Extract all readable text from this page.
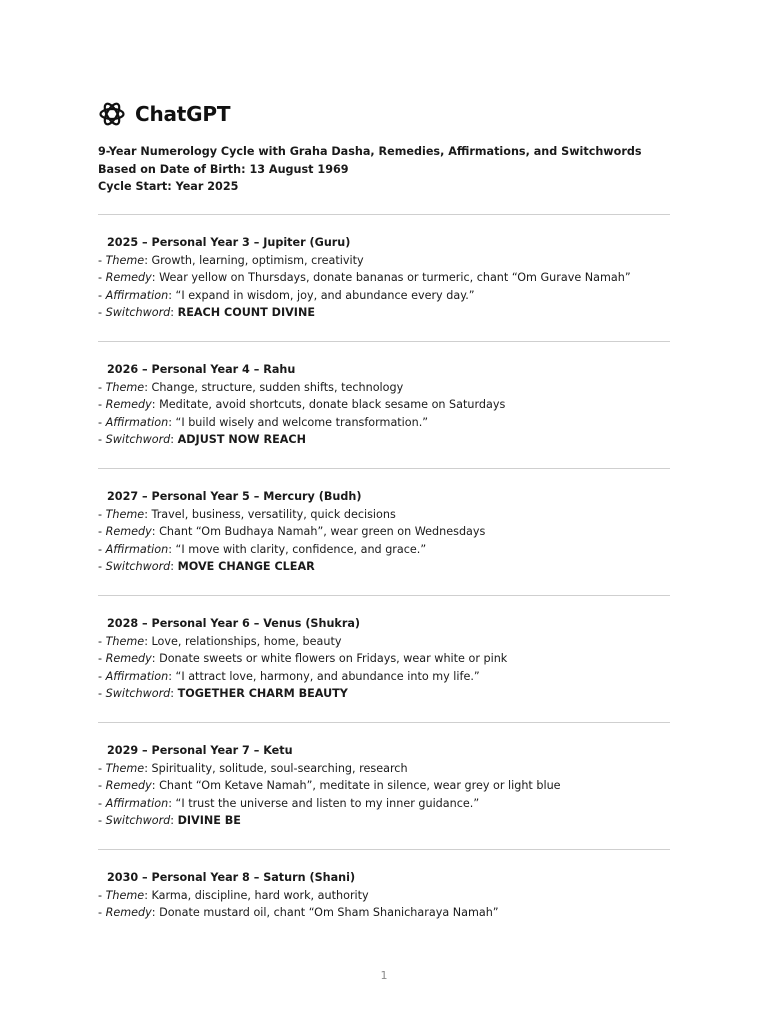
ChatGPT
9-Year Numerology Cycle with Graha Dasha, Remedies, Affirmations, and Switchwords
Based on Date of Birth: 13 August 1969
Cycle Start: Year 2025
2025 – Personal Year 3 – Jupiter (Guru)
- Theme: Growth, learning, optimism, creativity
- Remedy: Wear yellow on Thursdays, donate bananas or turmeric, chant “Om Gurave Namah”
- Affirmation: “I expand in wisdom, joy, and abundance every day.”
- Switchword: REACH COUNT DIVINE
2026 – Personal Year 4 – Rahu
- Theme: Change, structure, sudden shifts, technology
- Remedy: Meditate, avoid shortcuts, donate black sesame on Saturdays
- Affirmation: “I build wisely and welcome transformation.”
- Switchword: ADJUST NOW REACH
2027 – Personal Year 5 – Mercury (Budh)
- Theme: Travel, business, versatility, quick decisions
- Remedy: Chant “Om Budhaya Namah”, wear green on Wednesdays
- Affirmation: “I move with clarity, confidence, and grace.”
- Switchword: MOVE CHANGE CLEAR
2028 – Personal Year 6 – Venus (Shukra)
- Theme: Love, relationships, home, beauty
- Remedy: Donate sweets or white flowers on Fridays, wear white or pink
- Affirmation: “I attract love, harmony, and abundance into my life.”
- Switchword: TOGETHER CHARM BEAUTY
2029 – Personal Year 7 – Ketu
- Theme: Spirituality, solitude, soul-searching, research
- Remedy: Chant “Om Ketave Namah”, meditate in silence, wear grey or light blue
- Affirmation: “I trust the universe and listen to my inner guidance.”
- Switchword: DIVINE BE
2030 – Personal Year 8 – Saturn (Shani)
- Theme: Karma, discipline, hard work, authority
- Remedy: Donate mustard oil, chant “Om Sham Shanicharaya Namah”
1
